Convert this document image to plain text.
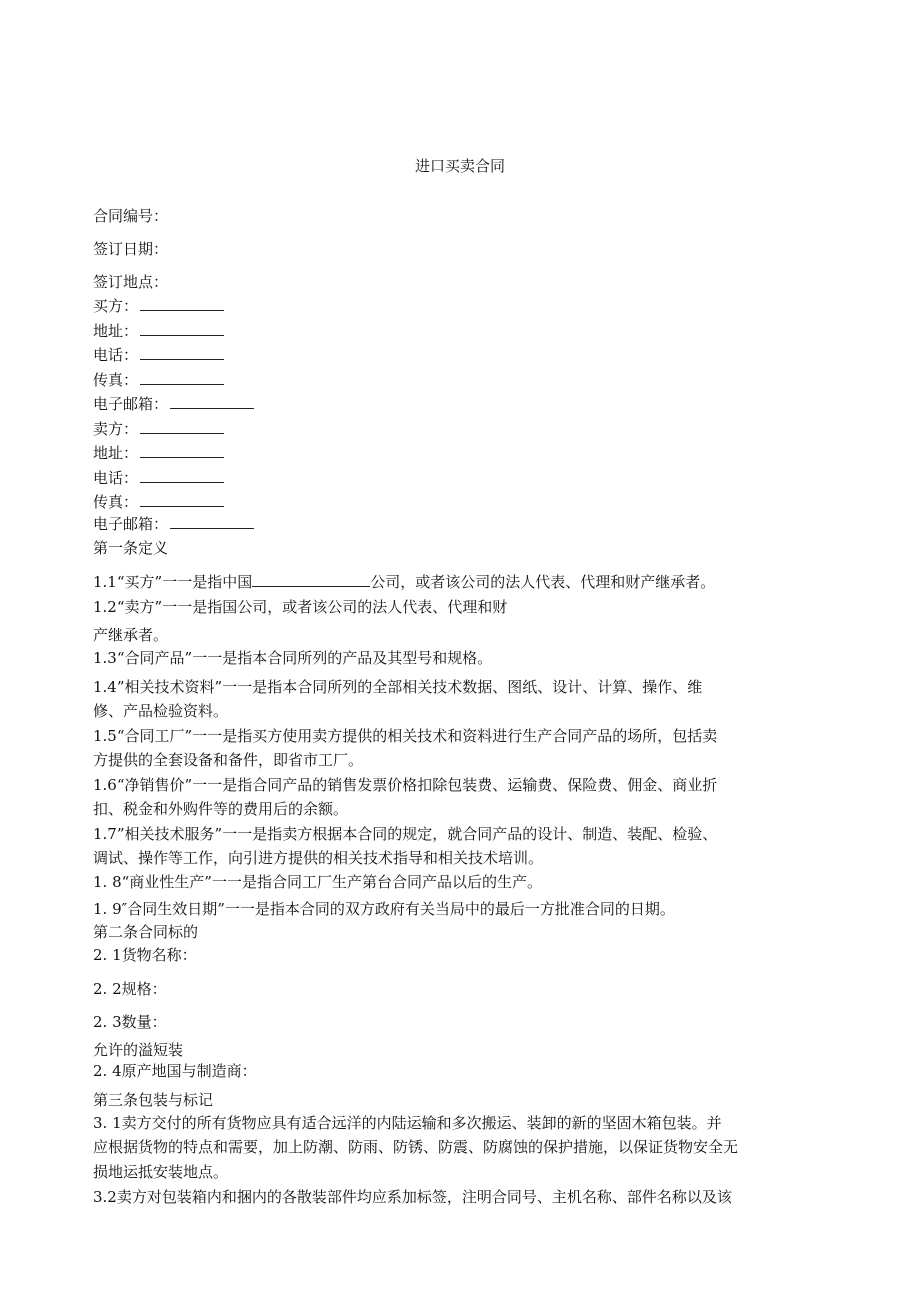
进口买卖合同
合同编号：
签订日期：
签订地点：
买方：
地址：
电话：
传真：
电子邮箱：
卖方：
地址：
电话：
传真：
电子邮箱：
第一条定义
1.1“买方”一一是指中国	公司，或者该公司的法人代表、代理和财产继承者。
1.2“卖方”一一是指国公司，或者该公司的法人代表、代理和财
产继承者。
1.3“合同产品”一一是指本合同所列的产品及其型号和规格。
1.4”相关技术资料”一一是指本合同所列的全部相关技术数据、图纸、设计、计算、操作、维
修、产品检验资料。
1.5“合同工厂”一一是指买方使用卖方提供的相关技术和资料进行生产合同产品的场所，包括卖
方提供的全套设备和备件，即省市工厂。
1.6“净销售价”一一是指合同产品的销售发票价格扣除包装费、运输费、保险费、佣金、商业折
扣、税金和外购件等的费用后的余额。
1.7”相关技术服务”一一是指卖方根据本合同的规定，就合同产品的设计、制造、装配、检验、
调试、操作等工作，向引进方提供的相关技术指导和相关技术培训。
1. 8“商业性生产”一一是指合同工厂生产第台合同产品以后的生产。
1. 9″合同生效日期”一一是指本合同的双方政府有关当局中的最后一方批准合同的日期。
第二条合同标的
2. 1货物名称：
2. 2规格：
2. 3数量：
允许的溢短装
2. 4原产地国与制造商：
第三条包装与标记
3. 1卖方交付的所有货物应具有适合远洋的内陆运输和多次搬运、装卸的新的坚固木箱包装。并
应根据货物的特点和需要，加上防潮、防雨、防锈、防震、防腐蚀的保护措施，以保证货物安全无
损地运抵安装地点。
3.2卖方对包装箱内和捆内的各散装部件均应系加标签，注明合同号、主机名称、部件名称以及该
